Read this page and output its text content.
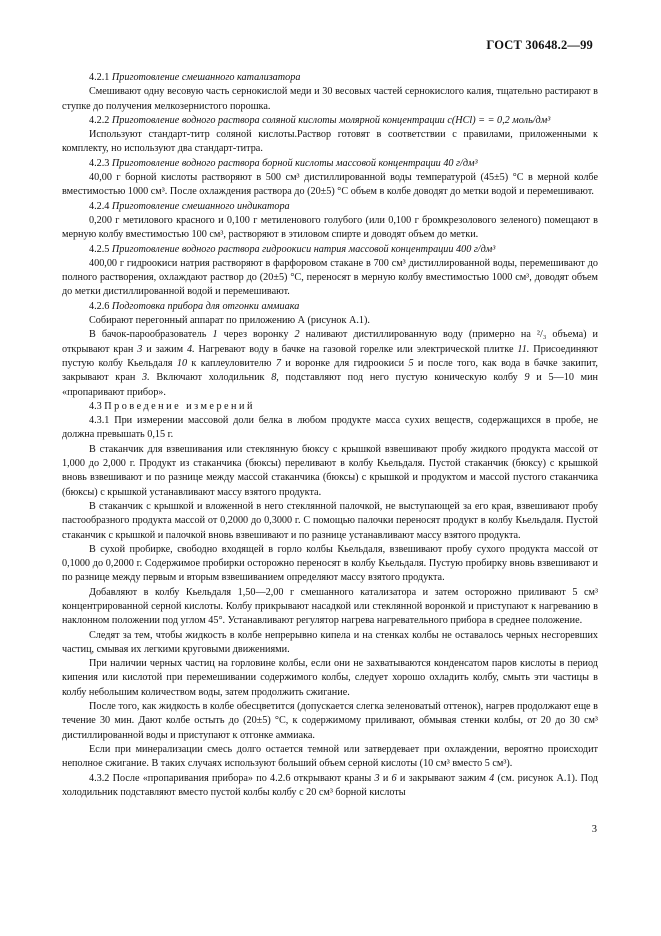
ГОСТ 30648.2—99

4.2.1 Приготовление смешанного катализатора

Смешивают одну весовую часть сернокислой меди и 30 весовых частей сернокислого калия, тщательно растирают в ступке до получения мелкозернистого порошка.

4.2.2 Приготовление водного раствора соляной кислоты молярной концентрации c(HCl) = = 0,2 моль/дм³

Используют стандарт-титр соляной кислоты.Раствор готовят в соответствии с правилами, приложенными к комплекту, но используют два стандарт-титра.

4.2.3 Приготовление водного раствора борной кислоты массовой концентрации 40 г/дм³

40,00 г борной кислоты растворяют в 500 см³ дистиллированной воды температурой (45±5) °С в мерной колбе вместимостью 1000 см³. После охлаждения раствора до (20±5) °С объем в колбе доводят до метки водой и перемешивают.

4.2.4 Приготовление смешанного индикатора

0,200 г метилового красного и 0,100 г метиленового голубого (или 0,100 г бромкрезолового зеленого) помещают в мерную колбу вместимостью 100 см³, растворяют в этиловом спирте и доводят объем до метки.

4.2.5 Приготовление водного раствора гидроокиси натрия массовой концентрации 400 г/дм³

400,00 г гидроокиси натрия растворяют в фарфоровом стакане в 700 см³ дистиллированной воды, перемешивают до полного растворения, охлаждают раствор до (20±5) °С, переносят в мерную колбу вместимостью 1000 см³, доводят объем до метки дистиллированной водой и перемешивают.

4.2.6 Подготовка прибора для отгонки аммиака

Собирают перегонный аппарат по приложению А (рисунок А.1).

В бачок-парообразователь 1 через воронку 2 наливают дистиллированную воду (примерно на ²/₃ объема) и открывают кран 3 и зажим 4. Нагревают воду в бачке на газовой горелке или электрической плитке 11. Присоединяют пустую колбу Кьельдаля 10 к каплеуловителю 7 и воронке для гидроокиси 5 и после того, как вода в бачке закипит, закрывают кран 3. Включают холодильник 8, подставляют под него пустую коническую колбу 9 и 5—10 мин «пропаривают прибор».

4.3 Проведение измерений

4.3.1 При измерении массовой доли белка в любом продукте масса сухих веществ, содержащихся в пробе, не должна превышать 0,15 г.

В стаканчик для взвешивания или стеклянную бюксу с крышкой взвешивают пробу жидкого продукта массой от 1,000 до 2,000 г. Продукт из стаканчика (бюксы) переливают в колбу Кьельдаля. Пустой стаканчик (бюксу) с крышкой вновь взвешивают и по разнице между массой стаканчика (бюксы) с крышкой и продуктом и массой пустого стаканчика (бюксы) с крышкой устанавливают массу взятого продукта.

В стаканчик с крышкой и вложенной в него стеклянной палочкой, не выступающей за его края, взвешивают пробу пастообразного продукта массой от 0,2000 до 0,3000 г. С помощью палочки переносят продукт в колбу Кьельдаля. Пустой стаканчик с крышкой и палочкой вновь взвешивают и по разнице устанавливают массу взятого продукта.

В сухой пробирке, свободно входящей в горло колбы Кьельдаля, взвешивают пробу сухого продукта массой от 0,1000 до 0,2000 г. Содержимое пробирки осторожно переносят в колбу Кьельдаля. Пустую пробирку вновь взвешивают и по разнице между первым и вторым взвешиванием определяют массу взятого продукта.

Добавляют в колбу Кьельдаля 1,50—2,00 г смешанного катализатора и затем осторожно приливают 5 см³ концентрированной серной кислоты. Колбу прикрывают насадкой или стеклянной воронкой и приступают к нагреванию в наклонном положении под углом 45°. Устанавливают регулятор нагрева нагревательного прибора в среднее положение.

Следят за тем, чтобы жидкость в колбе непрерывно кипела и на стенках колбы не оставалось черных несгоревших частиц, смывая их легкими круговыми движениями.

При наличии черных частиц на горловине колбы, если они не захватываются конденсатом паров кислоты в период кипения или кислотой при перемешивании содержимого колбы, следует хорошо охладить колбу, смыть эти частицы в колбу небольшим количеством воды, затем продолжить сжигание.

После того, как жидкость в колбе обесцветится (допускается слегка зеленоватый оттенок), нагрев продолжают еще в течение 30 мин. Дают колбе остыть до (20±5) °С, к содержимому приливают, обмывая стенки колбы, от 20 до 30 см³ дистиллированной воды и приступают к отгонке аммиака.

Если при минерализации смесь долго остается темной или затвердевает при охлаждении, вероятно происходит неполное сжигание. В таких случаях используют больший объем серной кислоты (10 см³ вместо 5 см³).

4.3.2 После «пропаривания прибора» по 4.2.6 открывают краны 3 и 6 и закрывают зажим 4 (см. рисунок А.1). Под холодильник подставляют вместо пустой колбы колбу с 20 см³ борной кислоты

3
